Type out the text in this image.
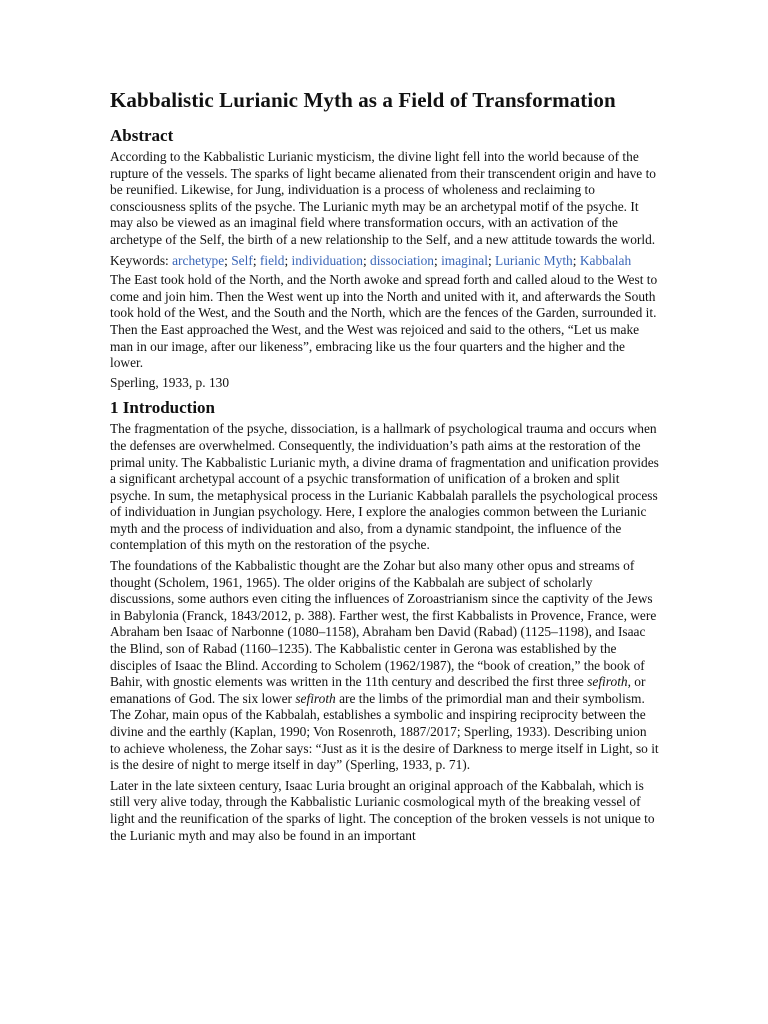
Kabbalistic Lurianic Myth as a Field of Transformation
Abstract

According to the Kabbalistic Lurianic mysticism, the divine light fell into the world because of the rupture of the vessels. The sparks of light became alienated from their transcendent origin and have to be reunified. Likewise, for Jung, individuation is a process of wholeness and reclaiming to consciousness splits of the psyche. The Lurianic myth may be an archetypal motif of the psyche. It may also be viewed as an imaginal field where transformation occurs, with an activation of the archetype of the Self, the birth of a new relationship to the Self, and a new attitude towards the world.

Keywords: archetype; Self; field; individuation; dissociation; imaginal; Lurianic Myth; Kabbalah

The East took hold of the North, and the North awoke and spread forth and called aloud to the West to come and join him. Then the West went up into the North and united with it, and afterwards the South took hold of the West, and the South and the North, which are the fences of the Garden, surrounded it. Then the East approached the West, and the West was rejoiced and said to the others, “Let us make man in our image, after our likeness”, embracing like us the four quarters and the higher and the lower.

Sperling, 1933, p. 130

1 Introduction

The fragmentation of the psyche, dissociation, is a hallmark of psychological trauma and occurs when the defenses are overwhelmed. Consequently, the individuation’s path aims at the restoration of the primal unity. The Kabbalistic Lurianic myth, a divine drama of fragmentation and unification provides a significant archetypal account of a psychic transformation of unification of a broken and split psyche. In sum, the metaphysical process in the Lurianic Kabbalah parallels the psychological process of individuation in Jungian psychology. Here, I explore the analogies common between the Lurianic myth and the process of individuation and also, from a dynamic standpoint, the influence of the contemplation of this myth on the restoration of the psyche.

The foundations of the Kabbalistic thought are the Zohar but also many other opus and streams of thought (Scholem, 1961, 1965). The older origins of the Kabbalah are subject of scholarly discussions, some authors even citing the influences of Zoroastrianism since the captivity of the Jews in Babylonia (Franck, 1843/2012, p. 388). Farther west, the first Kabbalists in Provence, France, were Abraham ben Isaac of Narbonne (1080–1158), Abraham ben David (Rabad) (1125–1198), and Isaac the Blind, son of Rabad (1160–1235). The Kabbalistic center in Gerona was established by the disciples of Isaac the Blind. According to Scholem (1962/1987), the “book of creation,” the book of Bahir, with gnostic elements was written in the 11th century and described the first three sefiroth, or emanations of God. The six lower sefiroth are the limbs of the primordial man and their symbolism. The Zohar, main opus of the Kabbalah, establishes a symbolic and inspiring reciprocity between the divine and the earthly (Kaplan, 1990; Von Rosenroth, 1887/2017; Sperling, 1933). Describing union to achieve wholeness, the Zohar says: “Just as it is the desire of Darkness to merge itself in Light, so it is the desire of night to merge itself in day” (Sperling, 1933, p. 71).

Later in the late sixteen century, Isaac Luria brought an original approach of the Kabbalah, which is still very alive today, through the Kabbalistic Lurianic cosmological myth of the breaking vessel of light and the reunification of the sparks of light. The conception of the broken vessels is not unique to the Lurianic myth and may also be found in an important
